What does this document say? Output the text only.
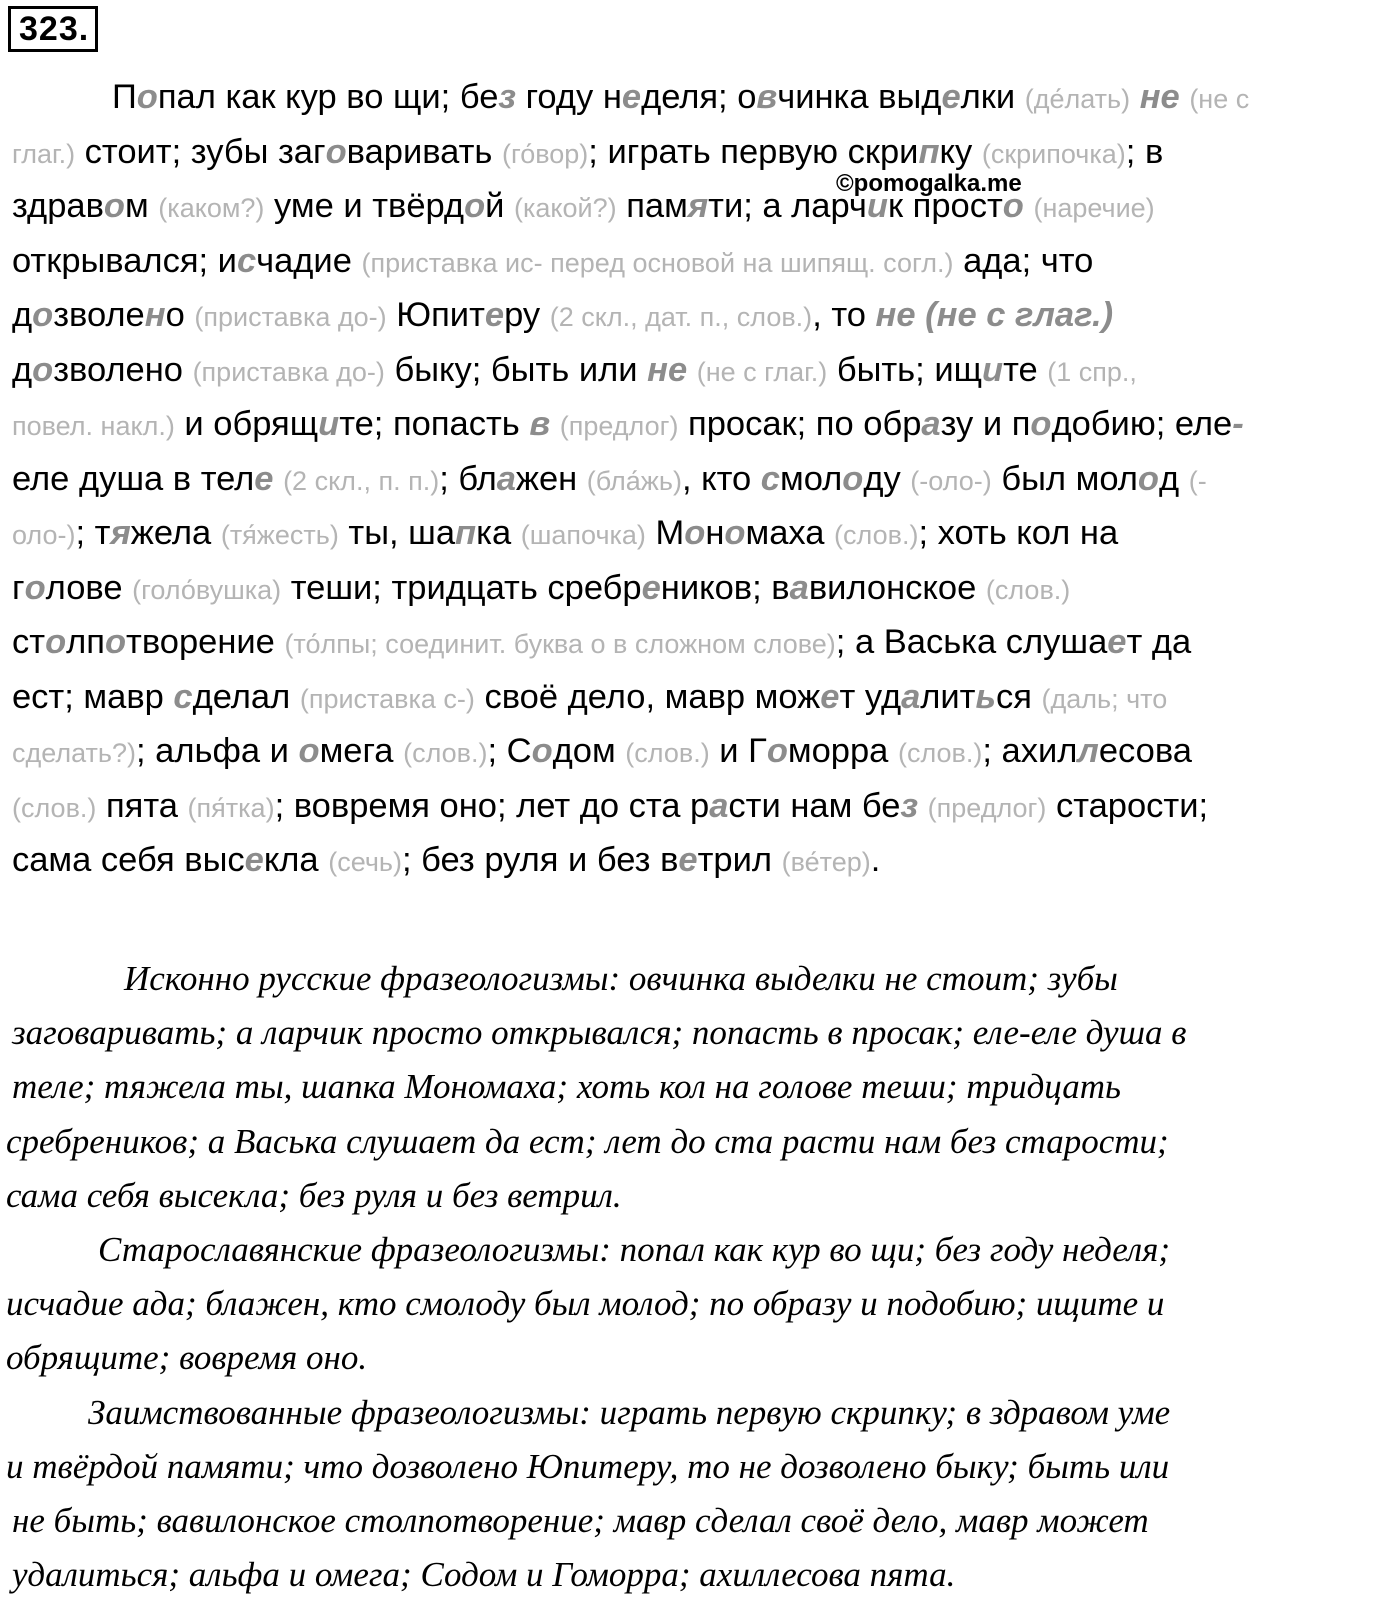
323.
©pomogalka.me
Попал как кур во щи; без году неделя; овчинка выделки (де́лать) не (не с
глаг.) стоит; зубы заговаривать (го́вор); играть первую скрипку (скрипочка); в
здравом (каком?) уме и твёрдой (какой?) памяти; а ларчик просто (наречие)
открывался; исчадие (приставка ис- перед основой на шипящ. согл.) ада; что
дозволено (приставка до-) Юпитеру (2 скл., дат. п., слов.), то не (не с глаг.)
дозволено (приставка до-) быку; быть или не (не с глаг.) быть; ищите (1 спр.,
повел. накл.) и обрящите; попасть в (предлог) просак; по образу и подобию; еле-
еле душа в теле (2 скл., п. п.); блажен (бла́жь), кто смолоду (-оло-) был молод (-
оло-); тяжела (тя́жесть) ты, шапка (шапочка) Мономаха (слов.); хоть кол на
голове (голо́вушка) теши; тридцать сребреников; вавилонское (слов.)
столпотворение (то́лпы; соединит. буква о в сложном слове); а Васька слушает да
ест; мавр сделал (приставка с-) своё дело, мавр может удалиться (даль; что
сделать?); альфа и омега (слов.); Содом (слов.) и Гоморра (слов.); ахиллесова
(слов.) пята (пя́тка); вовремя оно; лет до ста расти нам без (предлог) старости;
сама себя высекла (сечь); без руля и без ветрил (ве́тер).
Исконно русские фразеологизмы: овчинка выделки не стоит; зубы
заговаривать; а ларчик просто открывался; попасть в просак; еле-еле душа в
теле; тяжела ты, шапка Мономаха; хоть кол на голове теши; тридцать
сребреников; а Васька слушает да ест; лет до ста расти нам без старости;
сама себя высекла; без руля и без ветрил.
Старославянские фразеологизмы: попал как кур во щи; без году неделя;
исчадие ада; блажен, кто смолоду был молод; по образу и подобию; ищите и
обрящите; вовремя оно.
Заимствованные фразеологизмы: играть первую скрипку; в здравом уме
и твёрдой памяти; что дозволено Юпитеру, то не дозволено быку; быть или
не быть; вавилонское столпотворение; мавр сделал своё дело, мавр может
удалиться; альфа и омега; Содом и Гоморра; ахиллесова пята.
